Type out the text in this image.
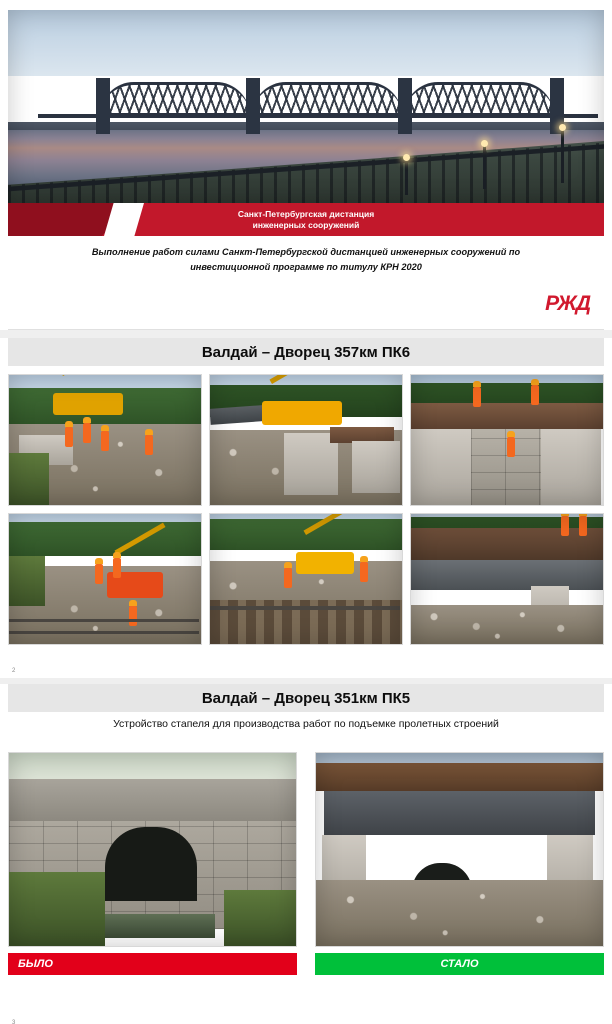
Санкт-Петербургская дистанция
инженерных сооружений
Выполнение работ силами Санкт-Петербургской дистанцией инженерных сооружений по
инвестиционной программе по титулу КРН 2020
РЖД
Валдай – Дворец 357км ПК6
2
Валдай – Дворец 351км ПК5
Устройство стапеля для производства работ по подъемке пролетных строений
БЫЛО	СТАЛО
3
